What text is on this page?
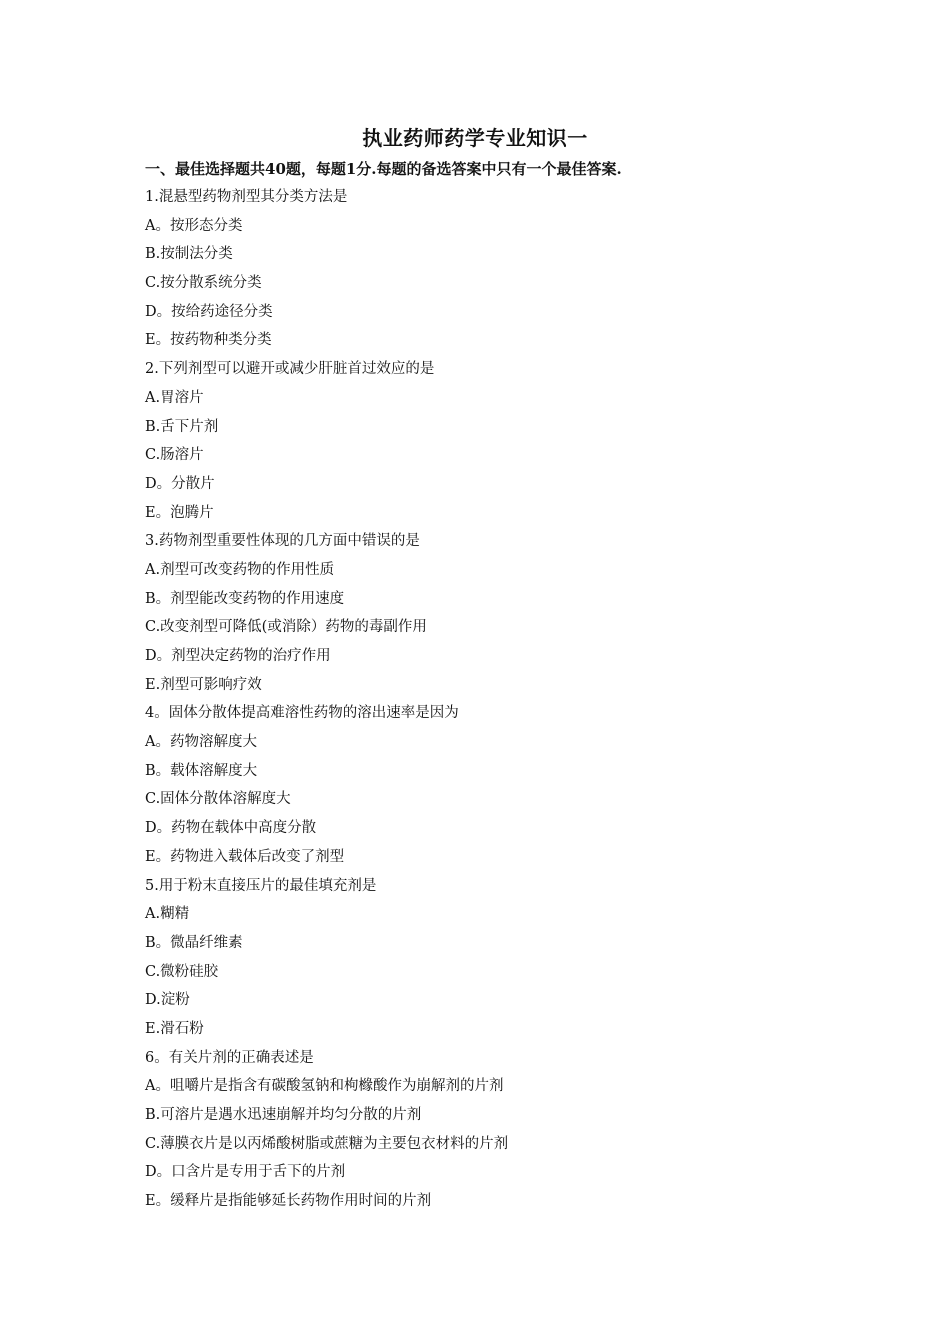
执业药师药学专业知识一
一、最佳选择题共40题，每题1分.每题的备选答案中只有一个最佳答案.
1.混悬型药物剂型其分类方法是
A。按形态分类
B.按制法分类
C.按分散系统分类
D。按给药途径分类
E。按药物种类分类
2.下列剂型可以避开或减少肝脏首过效应的是
A.胃溶片
B.舌下片剂
C.肠溶片
D。分散片
E。泡腾片
3.药物剂型重要性体现的几方面中错误的是
A.剂型可改变药物的作用性质
B。剂型能改变药物的作用速度
C.改变剂型可降低(或消除）药物的毒副作用
D。剂型决定药物的治疗作用
E.剂型可影响疗效
4。固体分散体提高难溶性药物的溶出速率是因为
A。药物溶解度大
B。载体溶解度大
C.固体分散体溶解度大
D。药物在载体中高度分散
E。药物进入载体后改变了剂型
5.用于粉末直接压片的最佳填充剂是
A.糊精
B。微晶纤维素
C.微粉硅胶
D.淀粉
E.滑石粉
6。有关片剂的正确表述是
A。咀嚼片是指含有碳酸氢钠和枸橼酸作为崩解剂的片剂
B.可溶片是遇水迅速崩解并均匀分散的片剂
C.薄膜衣片是以丙烯酸树脂或蔗糖为主要包衣材料的片剂
D。口含片是专用于舌下的片剂
E。缓释片是指能够延长药物作用时间的片剂
